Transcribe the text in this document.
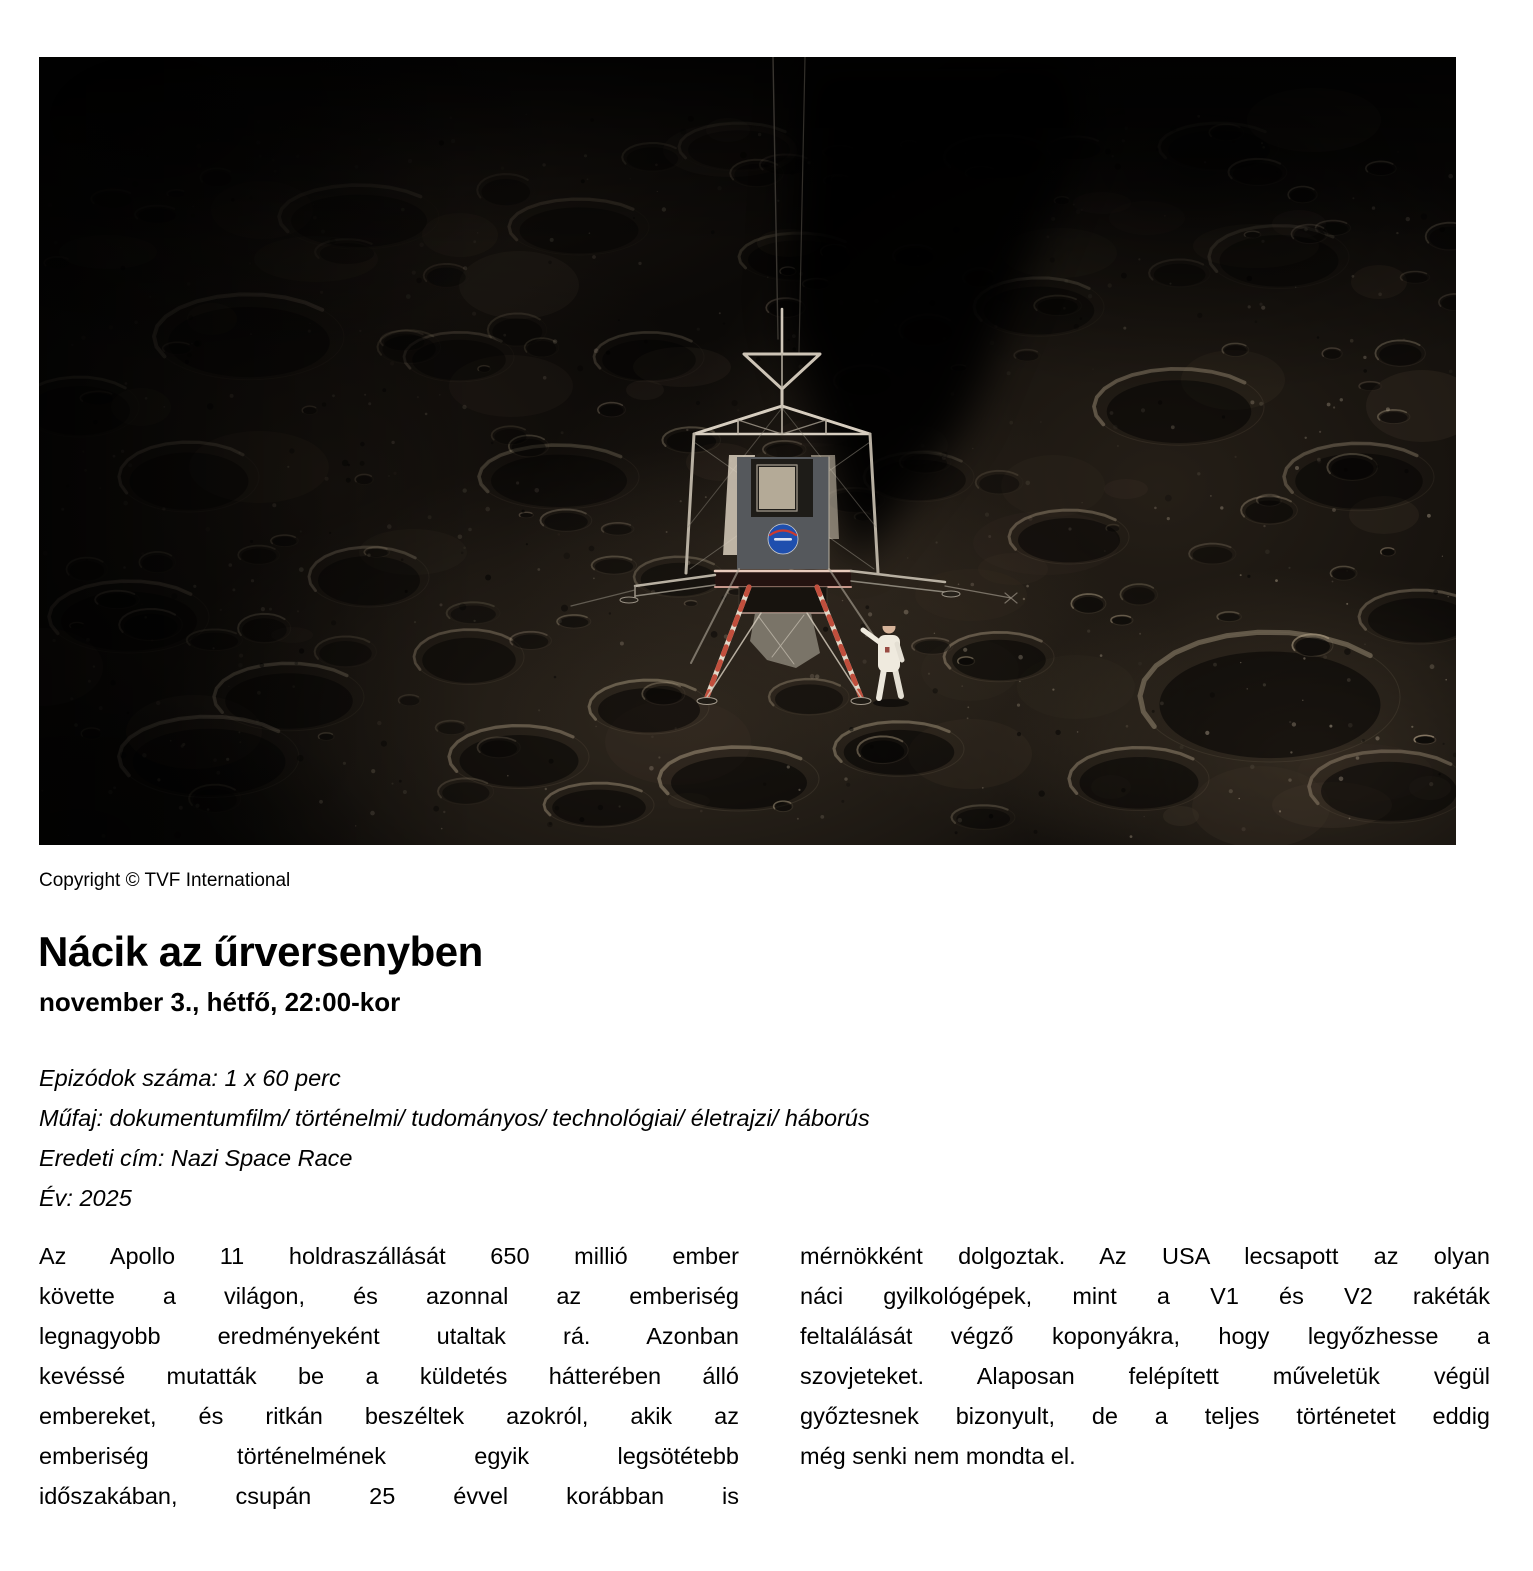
Copyright © TVF International
Nácik az űrversenyben
november 3., hétfő, 22:00-kor
Epizódok száma: 1 x 60 perc
Műfaj: dokumentumfilm/ történelmi/ tudományos/ technológiai/ életrajzi/ háborús
Eredeti cím: Nazi Space Race
Év: 2025
Az Apollo 11 holdraszállását 650 millió ember
követte a világon, és azonnal az emberiség
legnagyobb eredményeként utaltak rá. Azonban
kevéssé mutatták be a küldetés hátterében álló
embereket, és ritkán beszéltek azokról, akik az
emberiség történelmének egyik legsötétebb
időszakában, csupán 25 évvel korábban is
mérnökként dolgoztak. Az USA lecsapott az olyan
náci gyilkológépek, mint a V1 és V2 rakéták
feltalálását végző koponyákra, hogy legyőzhesse a
szovjeteket. Alaposan felépített műveletük végül
győztesnek bizonyult, de a teljes történetet eddig
még senki nem mondta el.
